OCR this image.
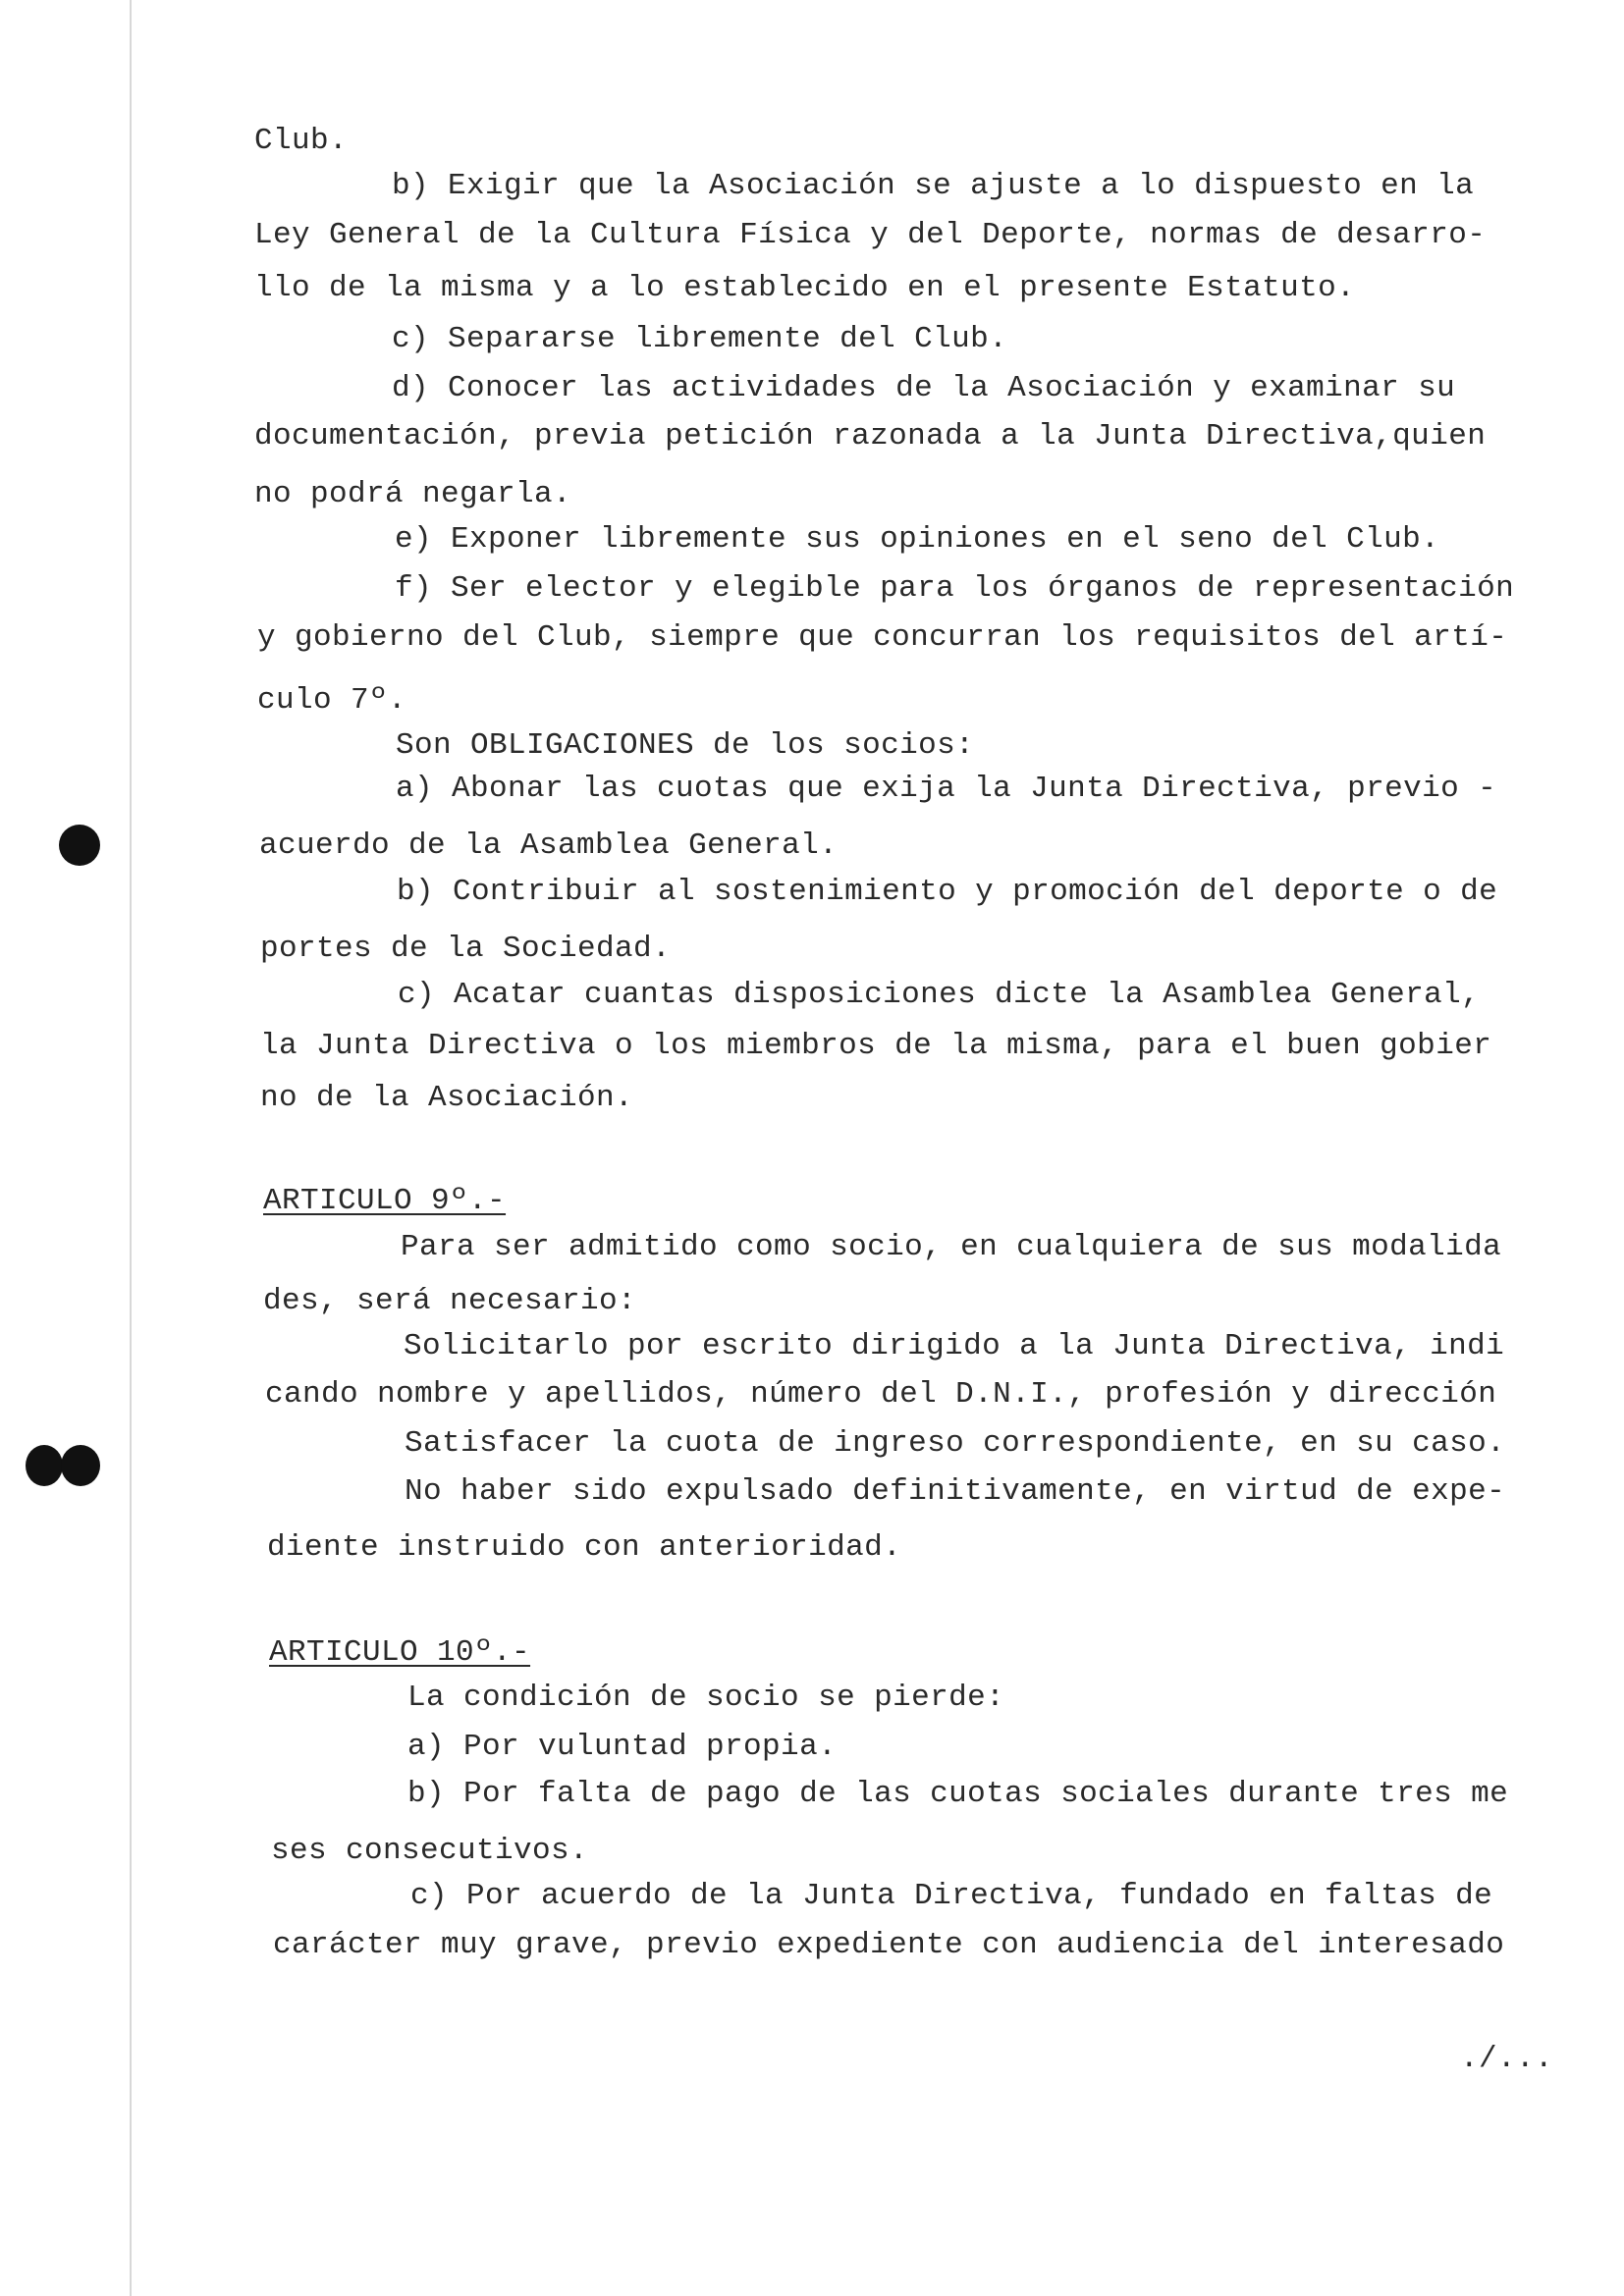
Club.
b) Exigir que la Asociación se ajuste a lo dispuesto en la
Ley General de la Cultura Física y del Deporte, normas de desarro-
llo de la misma y a lo establecido en el presente Estatuto.
c) Separarse libremente del Club.
d) Conocer las actividades de la Asociación y examinar su
documentación, previa petición razonada a la Junta Directiva,quien
no podrá negarla.
e) Exponer libremente sus opiniones en el seno del Club.
f) Ser elector y elegible para los órganos de representación
y gobierno del Club, siempre que concurran los requisitos del artí-
culo 7º.
Son OBLIGACIONES de los socios:
a) Abonar las cuotas que exija la Junta Directiva, previo -
acuerdo de la Asamblea General.
b) Contribuir al sostenimiento y promoción del deporte o de
portes de la Sociedad.
c) Acatar cuantas disposiciones dicte la Asamblea General,
la Junta Directiva o los miembros de la misma, para el buen gobier
no de la Asociación.
ARTICULO 9º.-
Para ser admitido como socio, en cualquiera de sus modalida
des, será necesario:
Solicitarlo por escrito dirigido a la Junta Directiva, indi
cando nombre y apellidos, número del D.N.I., profesión y dirección
Satisfacer la cuota de ingreso correspondiente, en su caso.
No haber sido expulsado definitivamente, en virtud de expe-
diente instruido con anterioridad.
ARTICULO 10º.-
La condición de socio se pierde:
a) Por vuluntad propia.
b) Por falta de pago de las cuotas sociales durante tres me
ses consecutivos.
c) Por acuerdo de la Junta Directiva, fundado en faltas de
carácter muy grave, previo expediente con audiencia del interesado
./...
